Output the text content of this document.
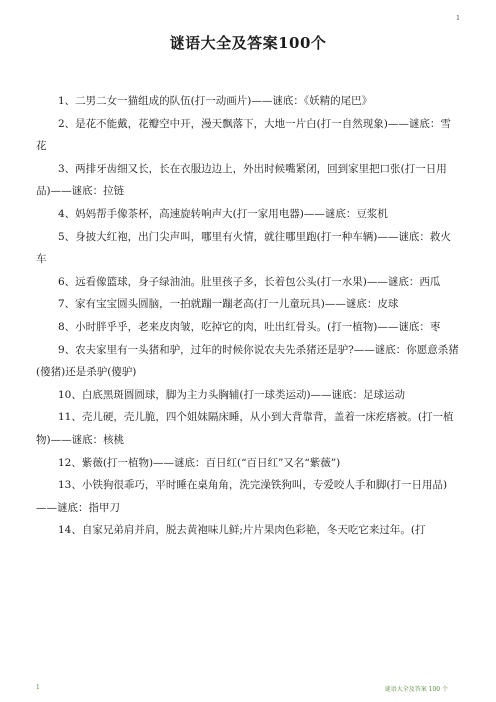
1
谜语大全及答案100个

1、二男二女一猫组成的队伍(打一动画片)——谜底：《妖精的尾巴》

2、是花不能戴，花瓣空中开，漫天飘落下，大地一片白(打一自然现象)——谜底：雪花

3、两排牙齿细又长，长在衣服边边上，外出时候嘴紧闭，回到家里把口张(打一日用品)——谜底：拉链

4、妈妈帮手像茶杯，高速旋转响声大(打一家用电器)——谜底：豆浆机

5、身披大红袍，出门尖声叫，哪里有火情，就往哪里跑(打一种车辆)——谜底：救火车

6、远看像篮球，身子绿油油。肚里孩子多，长着包公头(打一水果)——谜底：西瓜

7、家有宝宝圆头圆脑，一拍就蹦一蹦老高(打一儿童玩具)——谜底：皮球

8、小时胖乎乎，老来皮肉皱，吃掉它的肉，吐出红骨头。(打一植物)——谜底：枣

9、农夫家里有一头猪和驴，过年的时候你说农夫先杀猪还是驴?——谜底：你愿意杀猪(傻猪)还是杀驴(傻驴)

10、白底黑斑圆圆球，脚为主力头胸辅(打一球类运动)——谜底：足球运动

11、壳儿硬，壳儿脆，四个姐妹隔床睡，从小到大背靠背，盖着一床疙瘩被。(打一植物)——谜底：核桃

12、紫薇(打一植物)——谜底：百日红(“百日红”又名“紫薇”)

13、小铁狗很乖巧，平时睡在桌角角，洗完澡铁狗叫，专爱咬人手和脚(打一日用品)——谜底：指甲刀

14、自家兄弟肩并肩，脱去黄袍味儿鲜;片片果肉色彩艳，冬天吃它来过年。(打

1	谜语大全及答案 100 个
